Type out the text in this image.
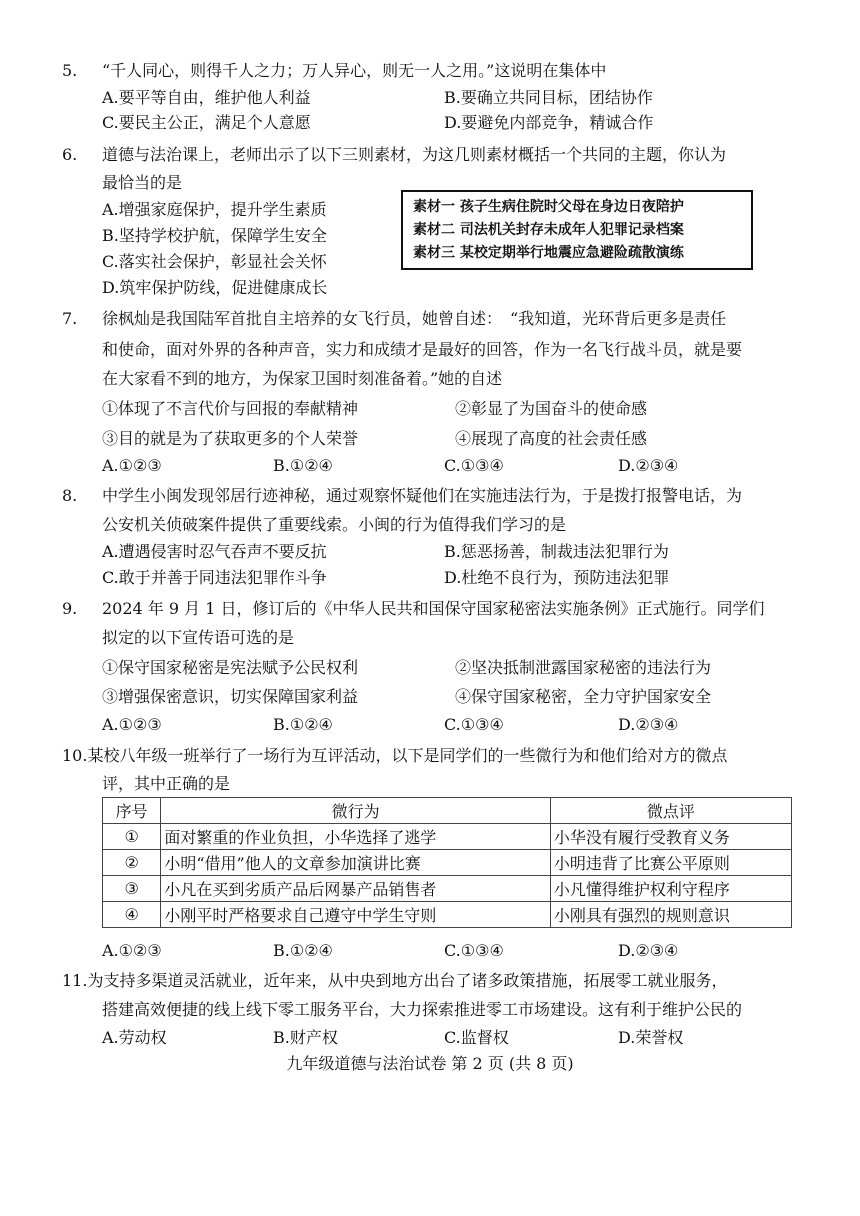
5. “千人同心，则得千人之力；万人异心，则无一人之用。”这说明在集体中
A.要平等自由，维护他人利益	B.要确立共同目标，团结协作
C.要民主公正，满足个人意愿	D.要避免内部竞争，精诚合作
6. 道德与法治课上，老师出示了以下三则素材，为这几则素材概括一个共同的主题，你认为
最恰当的是
A.增强家庭保护，提升学生素质
B.坚持学校护航，保障学生安全
C.落实社会保护，彰显社会关怀
D.筑牢保护防线，促进健康成长
素材一 孩子生病住院时父母在身边日夜陪护
素材二 司法机关封存未成年人犯罪记录档案
素材三 某校定期举行地震应急避险疏散演练
7. 徐枫灿是我国陆军首批自主培养的女飞行员，她曾自述：　“我知道，光环背后更多是责任
和使命，面对外界的各种声音，实力和成绩才是最好的回答，作为一名飞行战斗员，就是要
在大家看不到的地方，为保家卫国时刻准备着。”她的自述
①体现了不言代价与回报的奉献精神	②彰显了为国奋斗的使命感
③目的就是为了获取更多的个人荣誉	④展现了高度的社会责任感
A.①②③	B.①②④	C.①③④	D.②③④
8. 中学生小闽发现邻居行迹神秘，通过观察怀疑他们在实施违法行为，于是拨打报警电话，为
公安机关侦破案件提供了重要线索。小闽的行为值得我们学习的是
A.遭遇侵害时忍气吞声不要反抗	B.惩恶扬善，制裁违法犯罪行为
C.敢于并善于同违法犯罪作斗争	D.杜绝不良行为，预防违法犯罪
9. 2024 年 9 月 1 日，修订后的《中华人民共和国保守国家秘密法实施条例》正式施行。同学们
拟定的以下宣传语可选的是
①保守国家秘密是宪法赋予公民权利	②坚决抵制泄露国家秘密的违法行为
③增强保密意识，切实保障国家利益	④保守国家秘密，全力守护国家安全
A.①②③	B.①②④	C.①③④	D.②③④
10.某校八年级一班举行了一场行为互评活动，以下是同学们的一些微行为和他们给对方的微点
评，其中正确的是
序号	微行为	微点评
①	面对繁重的作业负担，小华选择了逃学	小华没有履行受教育义务
②	小明“借用”他人的文章参加演讲比赛	小明违背了比赛公平原则
③	小凡在买到劣质产品后网暴产品销售者	小凡懂得维护权利守程序
④	小刚平时严格要求自己遵守中学生守则	小刚具有强烈的规则意识
A.①②③	B.①②④	C.①③④	D.②③④
11.为支持多渠道灵活就业，近年来，从中央到地方出台了诸多政策措施，拓展零工就业服务，
搭建高效便捷的线上线下零工服务平台，大力探索推进零工市场建设。这有利于维护公民的
A.劳动权	B.财产权	C.监督权	D.荣誉权
九年级道德与法治试卷 第 2 页 (共 8 页)
